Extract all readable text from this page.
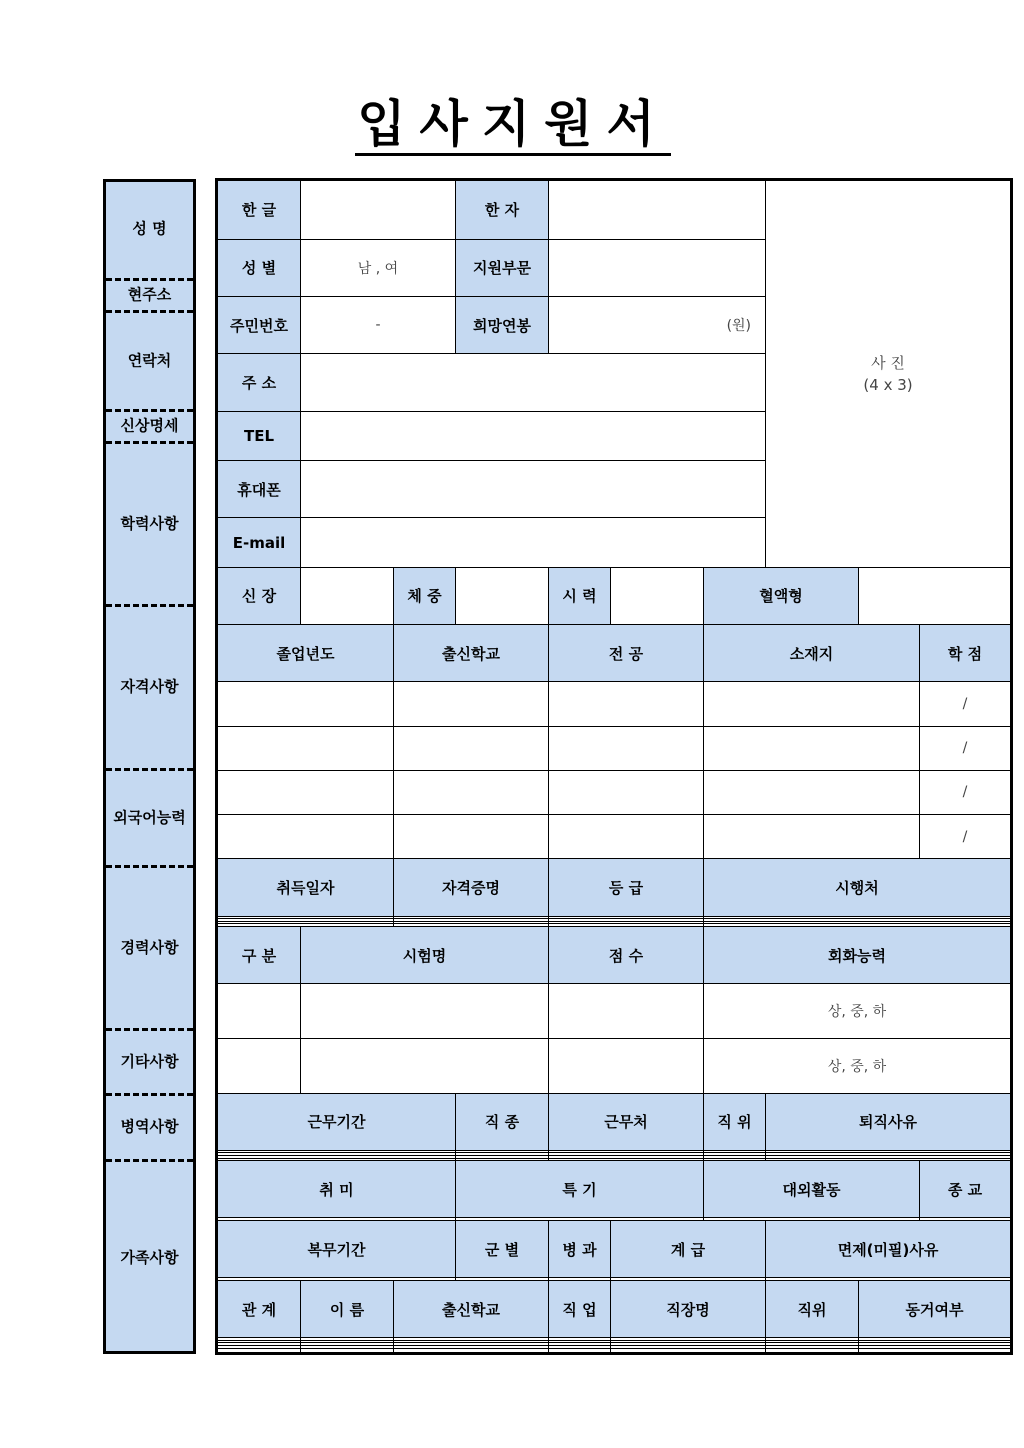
입사지원서
성 명
현주소
연락처
신상명세
학력사항
자격사항
외국어능력
경력사항
기타사항
병역사항
가족사항
한 글			한 자				사 진
(4 x 3)		

성 별	남 , 여		지원부문						
주민번호	-		희망연봉	(원)					
주 소									
TEL									
휴대폰									
E-mail									
신 장		체 중		시 력		혈액형			
졸업년도		출신학교		전 공		소재지			학 점
									/
									/
									/
									/
취득일자		자격증명		등 급		시행처			

구 분	시험명			점 수		회화능력			
						상, 중, 하			
						상, 중, 하			
근무기간			직 종	근무처		직 위	퇴직사유		

취 미			특 기			대외활동			종 교

복무기간			군 별	병 과	계 급		면제(미필)사유		

관 계	이 름	출신학교		직 업	직장명		직위	동거여부	
